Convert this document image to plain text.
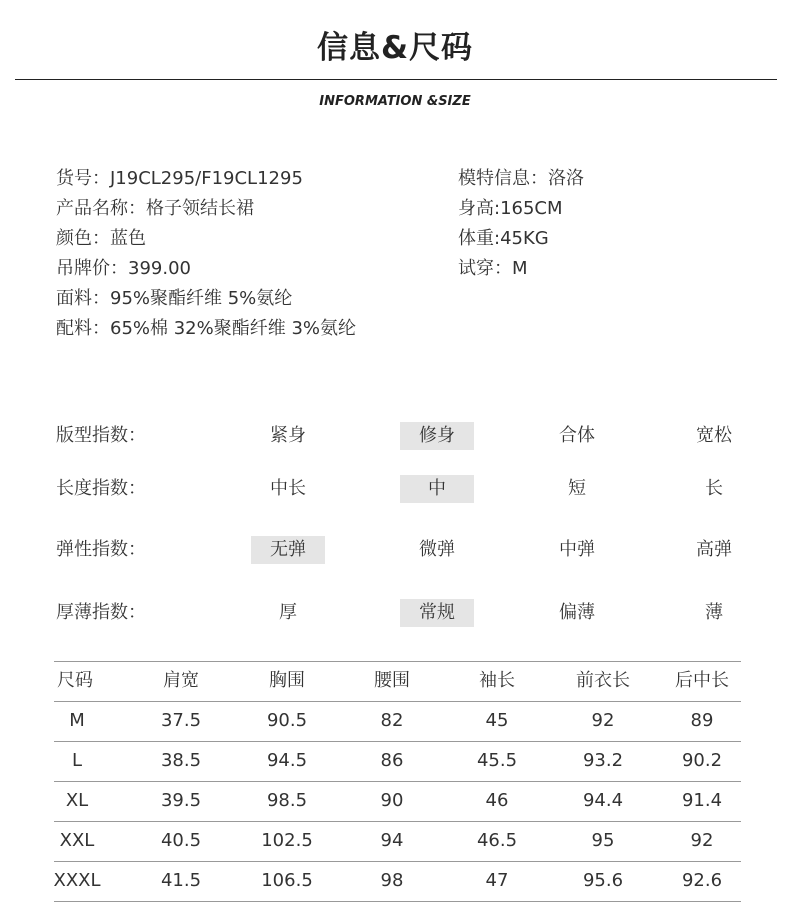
信息&尺码
INFORMATION &SIZE
货号：J19CL295/F19CL1295
产品名称：格子领结长裙
颜色：蓝色
吊牌价：399.00
面料：95%聚酯纤维 5%氨纶
配料：65%棉 32%聚酯纤维 3%氨纶
模特信息：洛洛
身高:165CM
体重:45KG
试穿：M
版型指数：	紧身	修身	合体	宽松
长度指数：	中长	中	短	长
弹性指数：	无弹	微弹	中弹	高弹
厚薄指数：	厚	常规	偏薄	薄
尺码	肩宽	胸围	腰围	袖长	前衣长	后中长
M	37.5	90.5	82	45	92	89
L	38.5	94.5	86	45.5	93.2	90.2
XL	39.5	98.5	90	46	94.4	91.4
XXL	40.5	102.5	94	46.5	95	92
XXXL	41.5	106.5	98	47	95.6	92.6
